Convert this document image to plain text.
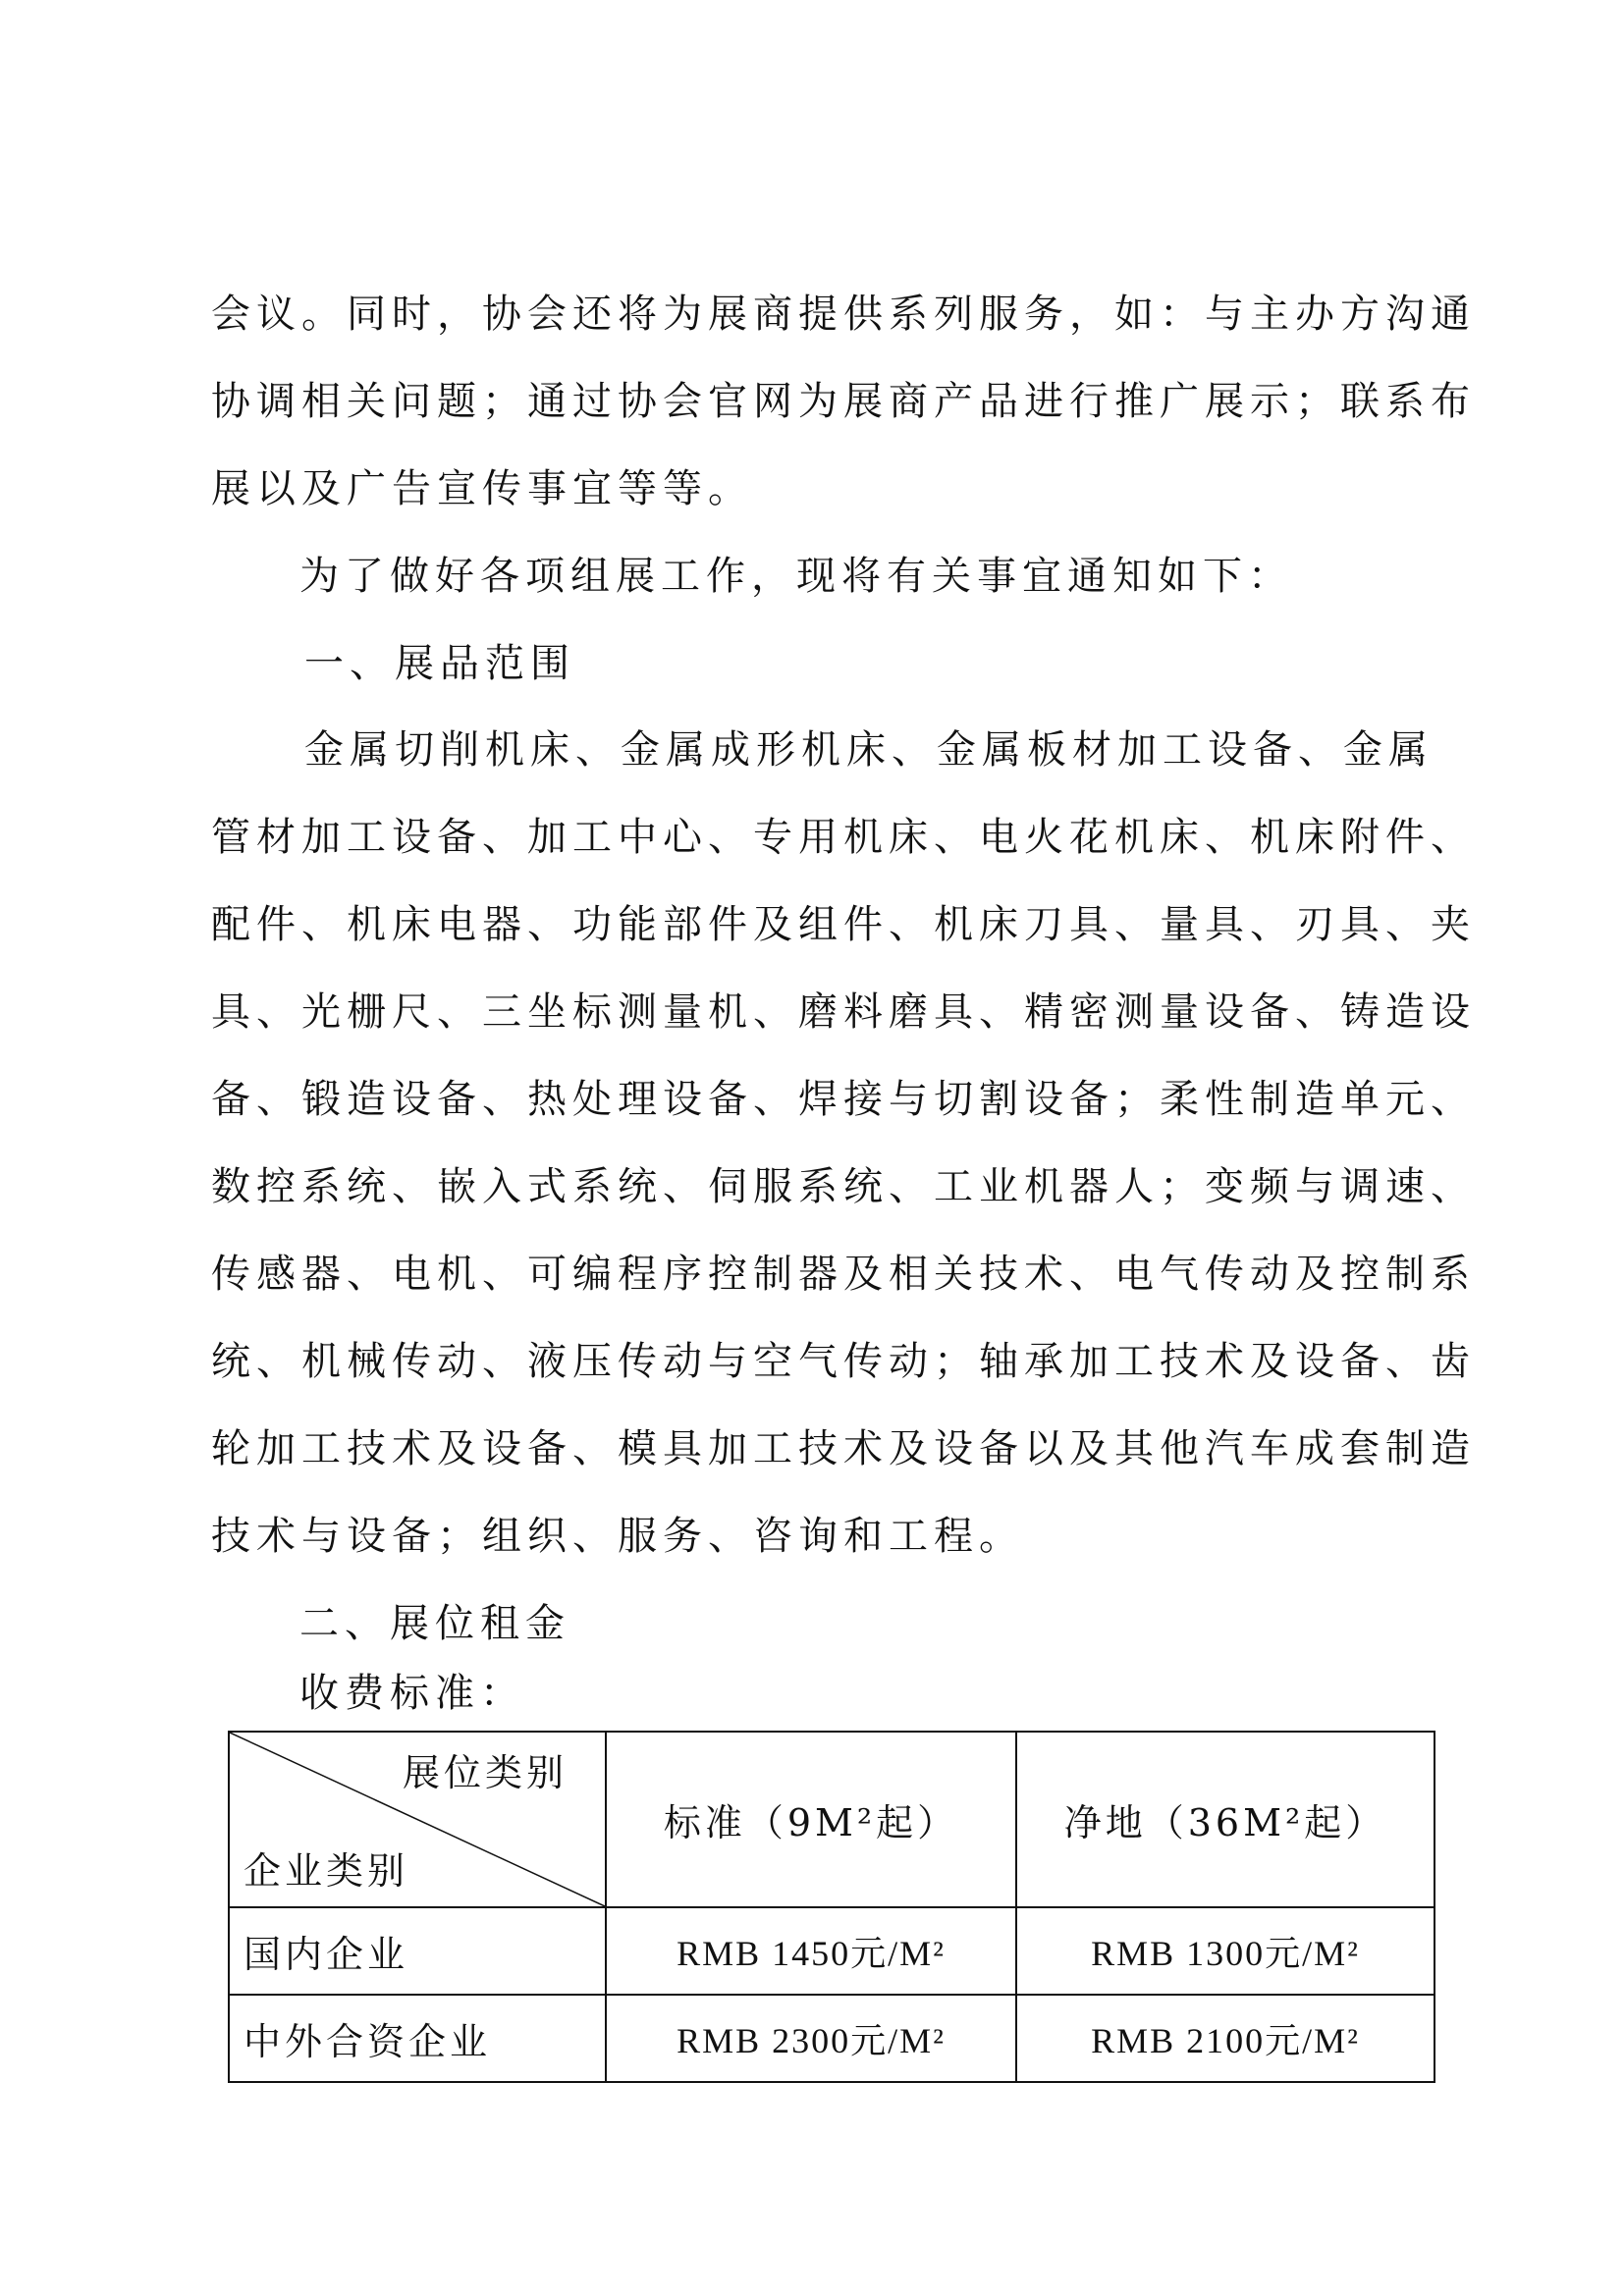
会议。同时，协会还将为展商提供系列服务，如：与主办方沟通
协调相关问题；通过协会官网为展商产品进行推广展示；联系布
展以及广告宣传事宜等等。
为了做好各项组展工作，现将有关事宜通知如下：
一、展品范围
金属切削机床、金属成形机床、金属板材加工设备、金属
管材加工设备、加工中心、专用机床、电火花机床、机床附件、
配件、机床电器、功能部件及组件、机床刀具、量具、刃具、夹
具、光栅尺、三坐标测量机、磨料磨具、精密测量设备、铸造设
备、锻造设备、热处理设备、焊接与切割设备；柔性制造单元、
数控系统、嵌入式系统、伺服系统、工业机器人；变频与调速、
传感器、电机、可编程序控制器及相关技术、电气传动及控制系
统、机械传动、液压传动与空气传动；轴承加工技术及设备、齿
轮加工技术及设备、模具加工技术及设备以及其他汽车成套制造
技术与设备；组织、服务、咨询和工程。
二、展位租金
收费标准：
展位类别
企业类别	标准（9M²起）	净地（36M²起）
国内企业	RMB 1450元/M²	RMB 1300元/M²
中外合资企业	RMB 2300元/M²	RMB 2100元/M²
